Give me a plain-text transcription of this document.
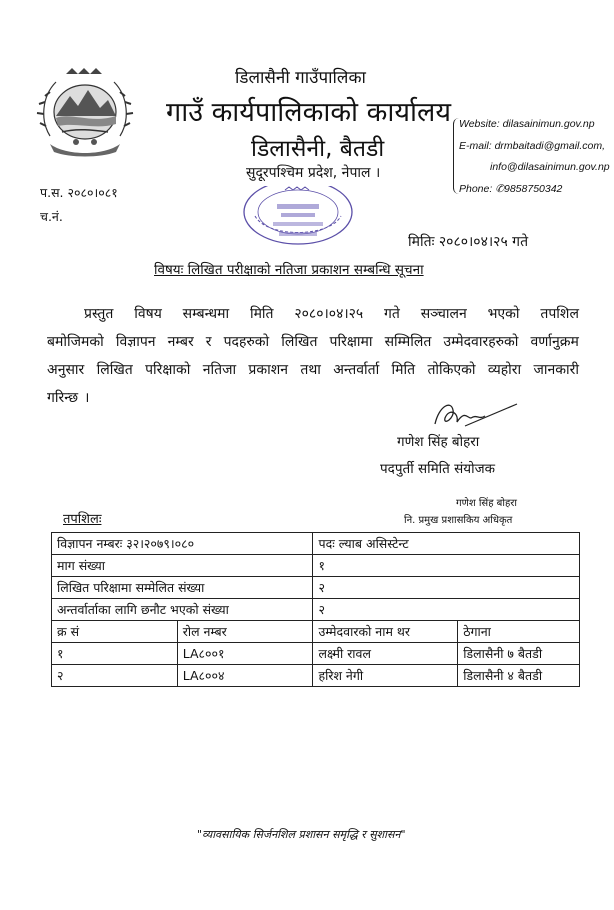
डिलासैनी गाउँपालिका
गाउँ कार्यपालिकाको कार्यालय
डिलासैनी, बैतडी
सुदूरपश्चिम प्रदेश, नेपाल ।
Website: dilasainimun.gov.np
E-mail: drmbaitadi@gmail.com,
info@dilasainimun.gov.np
Phone: ✆9858750342
प.स. २०८०।०८१
च.नं.
मितिः २०८०।०४।२५ गते
विषयः लिखित परीक्षाको नतिजा प्रकाशन सम्बन्धि सूचना
प्रस्तुत विषय सम्बन्धमा मिति २०८०।०४।२५ गते सञ्चालन भएको तपशिल
बमोजिमको विज्ञापन नम्बर र पदहरुको लिखित परिक्षामा सम्मिलित उम्मेदवारहरुको वर्णानुक्रम
अनुसार लिखित परिक्षाको नतिजा प्रकाशन तथा अन्तर्वार्ता मिति तोकिएको व्यहोरा जानकारी
गरिन्छ ।
गणेश सिंह बोहरा
पदपुर्ती समिति संयोजक
गणेश सिंह बोहरा
नि. प्रमुख प्रशासकिय अधिकृत
तपशिलः
विज्ञापन नम्बरः ३२।२०७९।०८०		पदः ल्याब असिस्टेन्ट	
माग संख्या		१	
लिखित परिक्षामा सम्मेलित संख्या		२	
अन्तर्वार्ताका लागि छनौट भएको संख्या		२	
क्र सं	रोल नम्बर	उम्मेदवारको नाम थर	ठेगाना
१	LA८००१	लक्ष्मी रावल	डिलासैनी ७ बैतडी
२	LA८००४	हरिश नेगी	डिलासैनी ४ बैतडी
"व्यावसायिक सिर्जनशिल प्रशासन समृद्धि र सुशासन"
